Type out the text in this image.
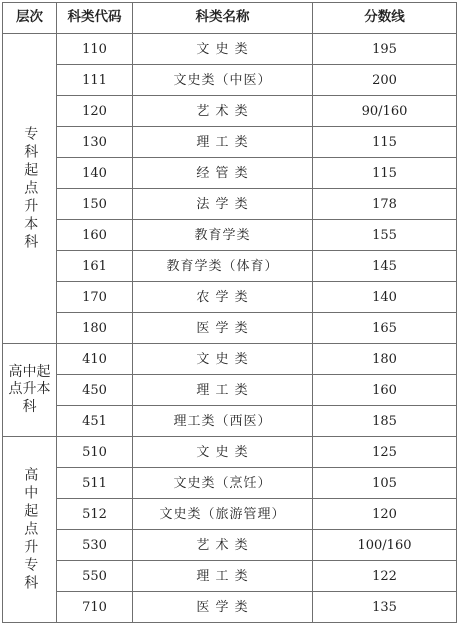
层次	科类代码	科类名称	分数线
专科起点升本科	110	文 史 类	195
	111	文史类（中医）	200
	120	艺 术 类	90/160
	130	理 工 类	115
	140	经 管 类	115
	150	法 学 类	178
	160	教育学类	155
	161	教育学类（体育）	145
	170	农 学 类	140
	180	医 学 类	165
高中起点升本科	410	文 史 类	180
	450	理 工 类	160
	451	理工类（西医）	185
高中起点升专科	510	文 史 类	125
	511	文史类（烹饪）	105
	512	文史类（旅游管理）	120
	530	艺 术 类	100/160
	550	理 工 类	122
	710	医 学 类	135
